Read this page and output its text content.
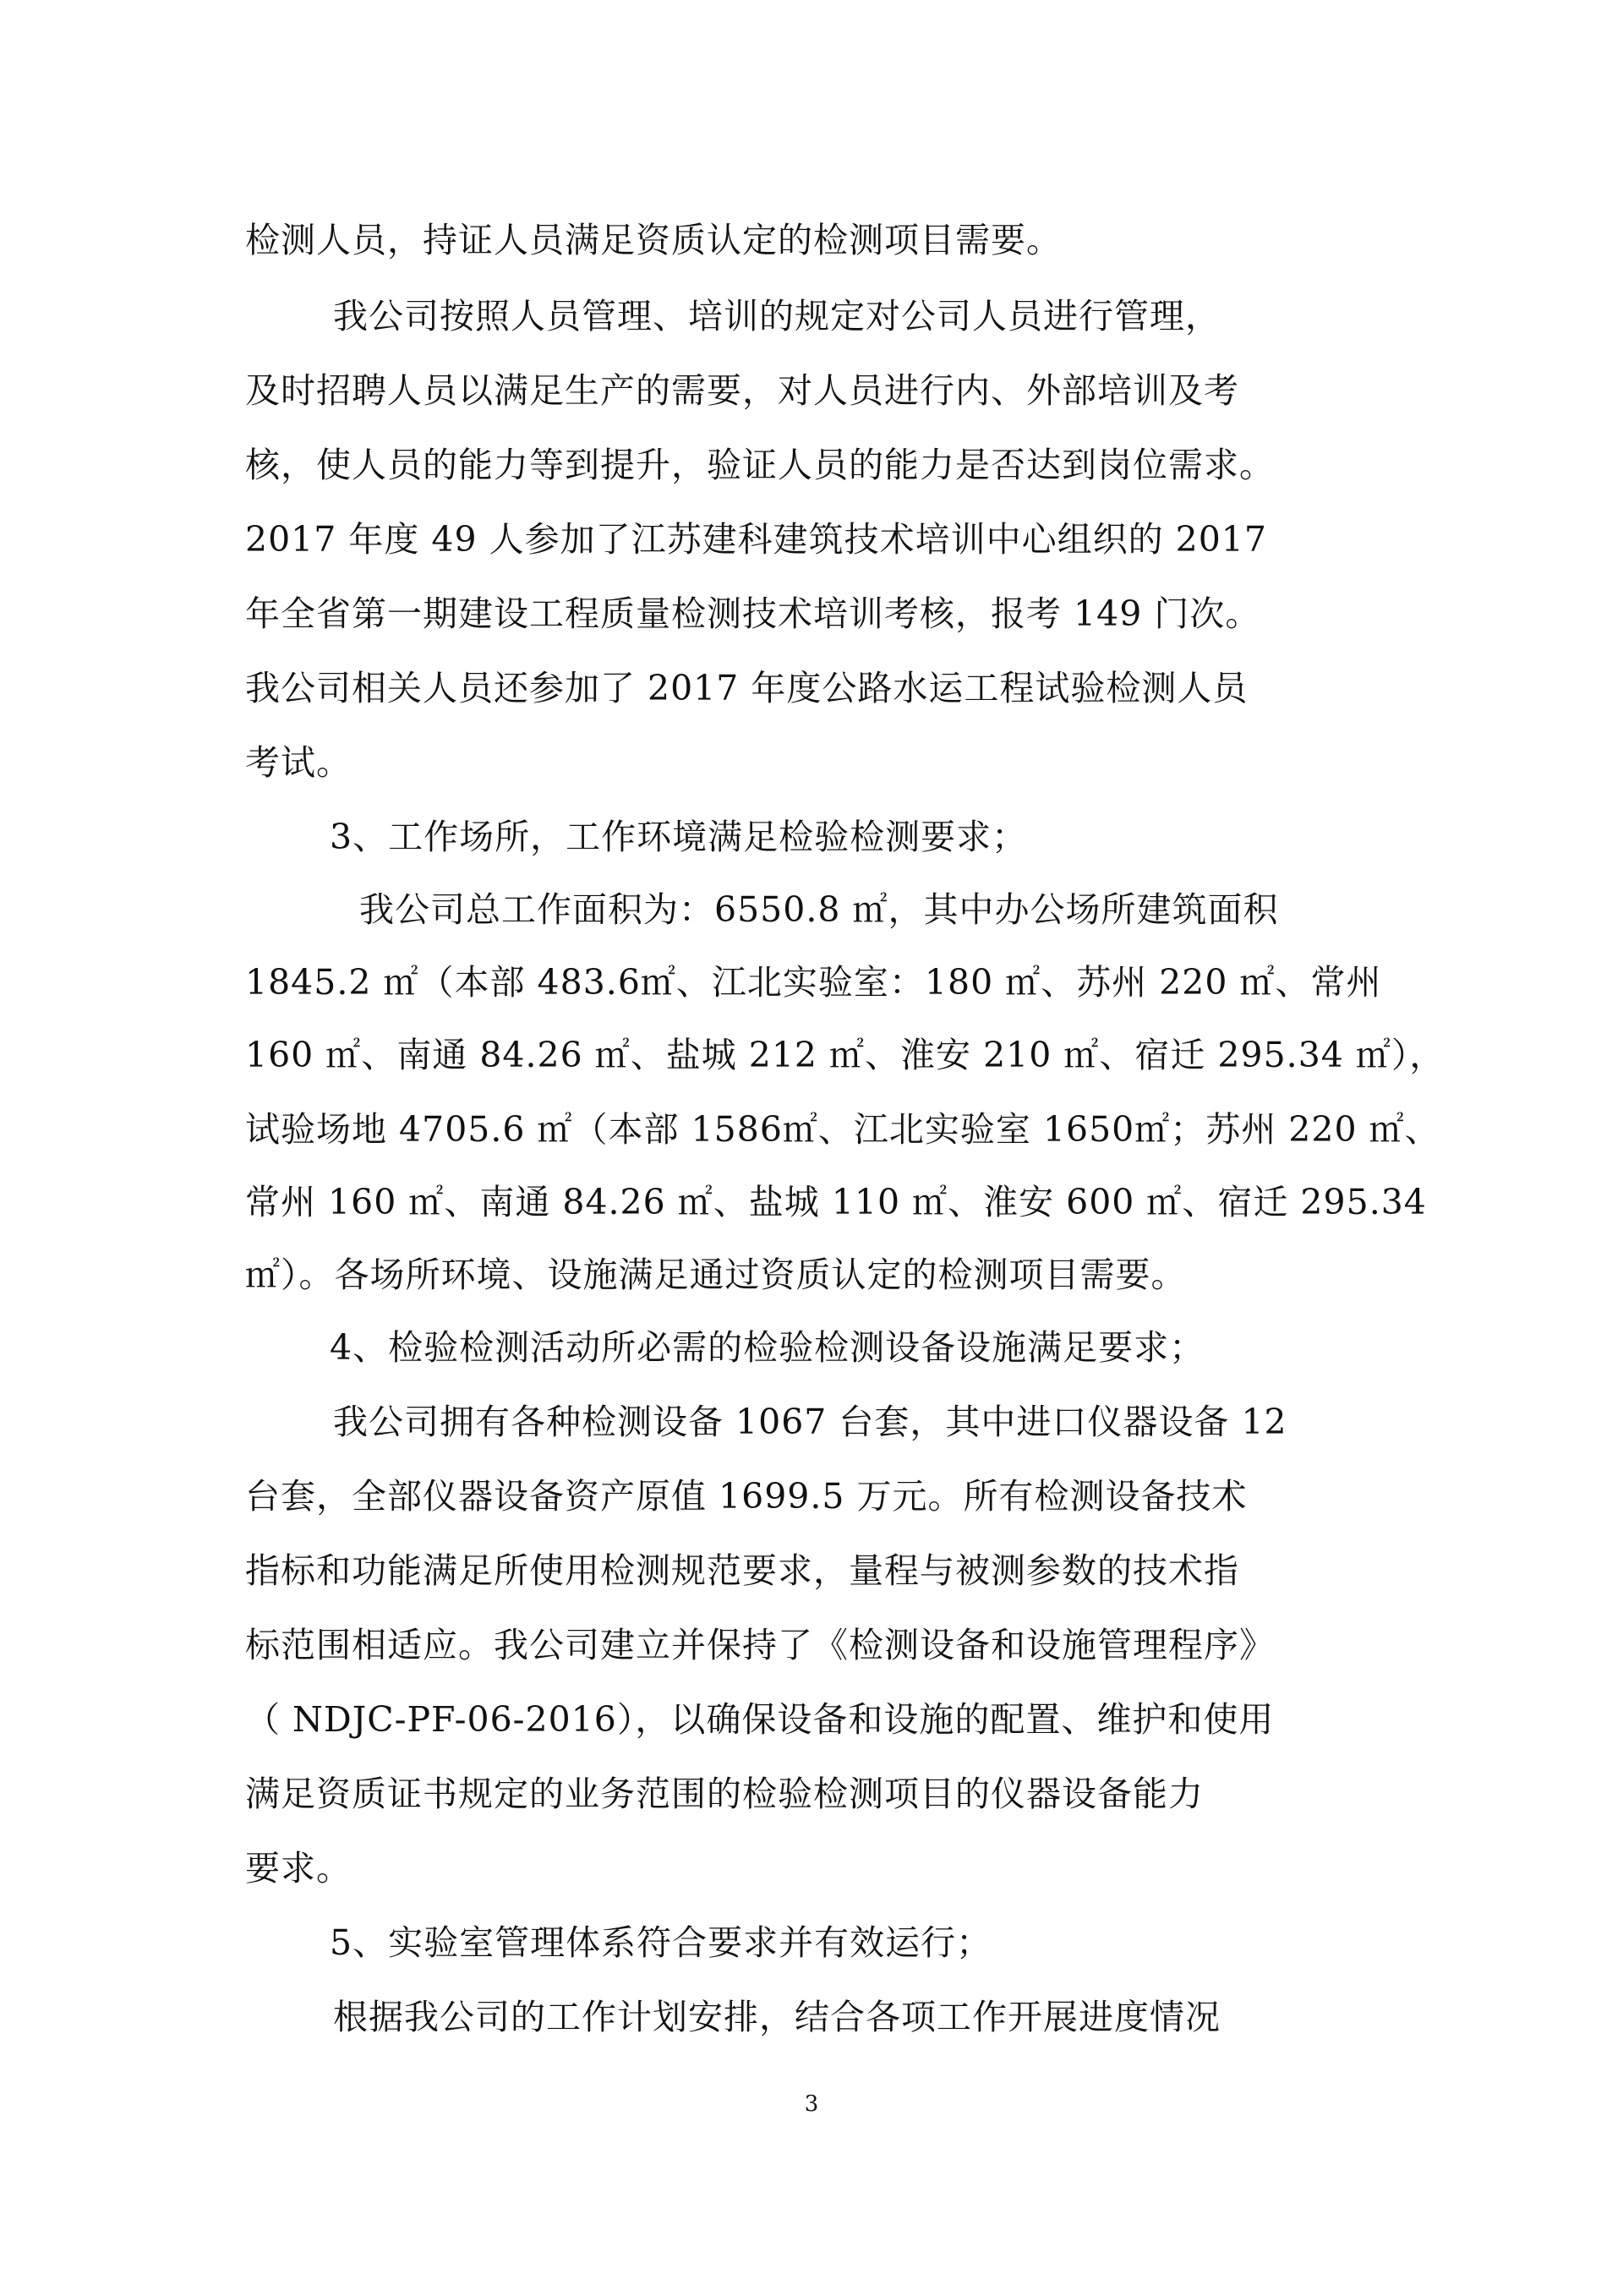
检测人员，持证人员满足资质认定的检测项目需要。

我公司按照人员管理、培训的规定对公司人员进行管理，

及时招聘人员以满足生产的需要，对人员进行内、外部培训及考

核，使人员的能力等到提升，验证人员的能力是否达到岗位需求。

2017 年度 49 人参加了江苏建科建筑技术培训中心组织的 2017

年全省第一期建设工程质量检测技术培训考核，报考 149 门次。

我公司相关人员还参加了 2017 年度公路水运工程试验检测人员

考试。

3、工作场所，工作环境满足检验检测要求；

我公司总工作面积为：6550.8 ㎡，其中办公场所建筑面积

1845.2 ㎡（本部 483.6㎡、江北实验室：180 ㎡、苏州 220 ㎡、常州

160 ㎡、南通 84.26 ㎡、盐城 212 ㎡、淮安 210 ㎡、宿迁 295.34 ㎡），

试验场地 4705.6 ㎡（本部 1586㎡、江北实验室 1650㎡；苏州 220 ㎡、

常州 160 ㎡、南通 84.26 ㎡、盐城 110 ㎡、淮安 600 ㎡、宿迁 295.34

㎡）。各场所环境、设施满足通过资质认定的检测项目需要。

4、检验检测活动所必需的检验检测设备设施满足要求；

我公司拥有各种检测设备 1067 台套，其中进口仪器设备 12

台套，全部仪器设备资产原值 1699.5 万元。所有检测设备技术

指标和功能满足所使用检测规范要求，量程与被测参数的技术指

标范围相适应。我公司建立并保持了《检测设备和设施管理程序》

（ NDJC-PF-06-2016），以确保设备和设施的配置、维护和使用

满足资质证书规定的业务范围的检验检测项目的仪器设备能力

要求。

5、实验室管理体系符合要求并有效运行；

根据我公司的工作计划安排，结合各项工作开展进度情况

3
